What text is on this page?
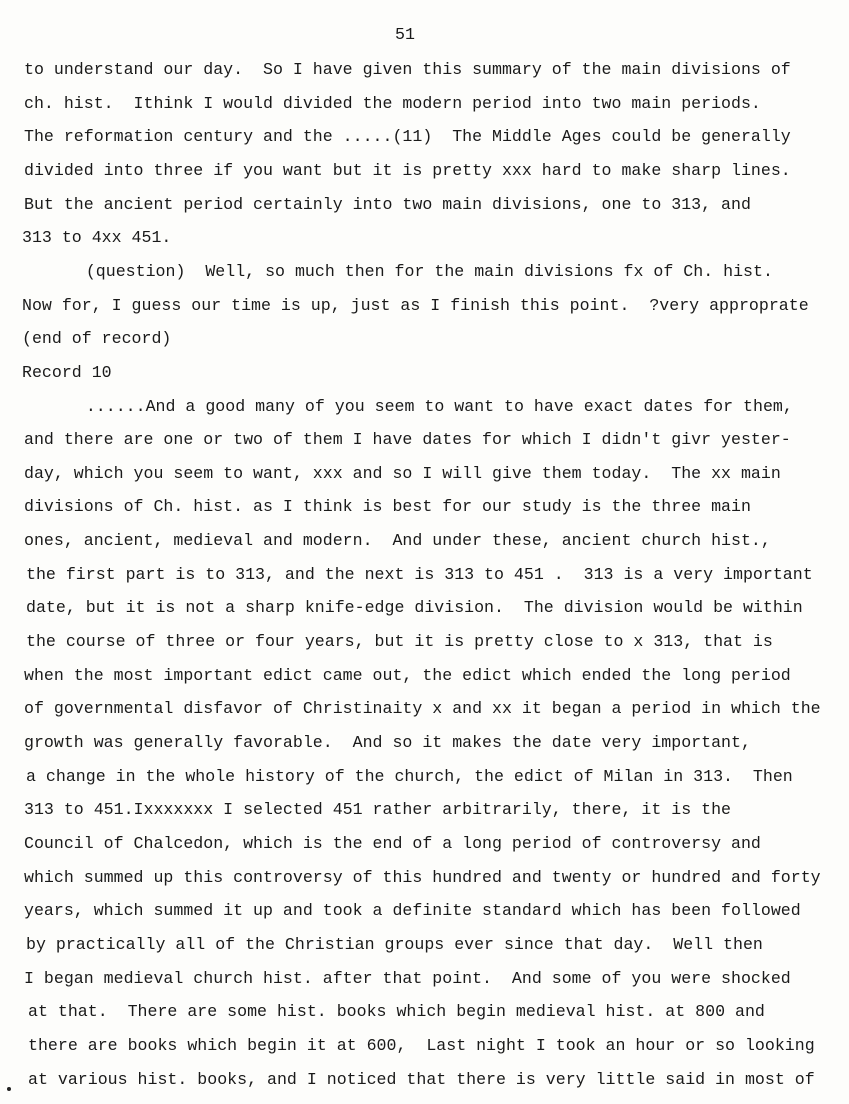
51
to understand our day.  So I have given this summary of the main divisions of
ch. hist.  Ithink I would divided the modern period into two main periods.
The reformation century and the .....(11)  The Middle Ages could be generally
divided into three if you want but it is pretty xxx hard to make sharp lines.
But the ancient period certainly into two main divisions, one to 313, and
313 to 4xx 451.
(question)  Well, so much then for the main divisions fx of Ch. hist.
Now for, I guess our time is up, just as I finish this point.  ?very approprate
(end of record)
Record 10
......And a good many of you seem to want to have exact dates for them,
and there are one or two of them I have dates for which I didn't givr yester-
day, which you seem to want, xxx and so I will give them today.  The xx main
divisions of Ch. hist. as I think is best for our study is the three main
ones, ancient, medieval and modern.  And under these, ancient church hist.,
the first part is to 313, and the next is 313 to 451 .  313 is a very important
date, but it is not a sharp knife-edge division.  The division would be within
the course of three or four years, but it is pretty close to x 313, that is
when the most important edict came out, the edict which ended the long period
of governmental disfavor of Christinaity x and xx it began a period in which the
growth was generally favorable.  And so it makes the date very important,
a change in the whole history of the church, the edict of Milan in 313.  Then
313 to 451.Ixxxxxxx I selected 451 rather arbitrarily, there, it is the
Council of Chalcedon, which is the end of a long period of controversy and
which summed up this controversy of this hundred and twenty or hundred and forty
years, which summed it up and took a definite standard which has been followed
by practically all of the Christian groups ever since that day.  Well then
I began medieval church hist. after that point.  And some of you were shocked
at that.  There are some hist. books which begin medieval hist. at 800 and
there are books which begin it at 600,  Last night I took an hour or so looking
at various hist. books, and I noticed that there is very little said in most of
